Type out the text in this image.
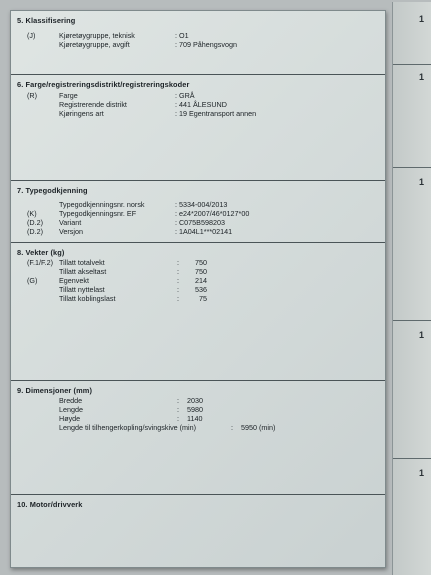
5. Klassifisering
(J)	Kjøretøygruppe, teknisk	: O1
Kjøretøygruppe, avgift	: 709 Påhengsvogn
6. Farge/registreringsdistrikt/registreringskoder
(R)	Farge	: GRÅ
Registrerende distrikt	: 441 ÅLESUND
Kjøringens art	: 19 Egentransport annen
7. Typegodkjenning
Typegodkjenningsnr. norsk	: 5334-004/2013
(K)	Typegodkjenningsnr. EF	: e24*2007/46*0127*00
(D.2) Variant	: C075B598203
(D.2) Versjon	: 1A04L1***02141
8. Vekter (kg)
(F.1/F.2) Tillatt totalvekt	:	750
Tillatt akseltast	:	750
(G)	Egenvekt	:	214
Tillatt nyttelast	:	536
Tillatt koblingslast	:	75
9. Dimensjoner (mm)
Bredde	: 2030
Lengde	: 5980
Høyde	: 1140
Lengde til tilhengerkopling/svingskive (min)	: 5950 (min)
10. Motor/drivverk
1
1
1
1
1
